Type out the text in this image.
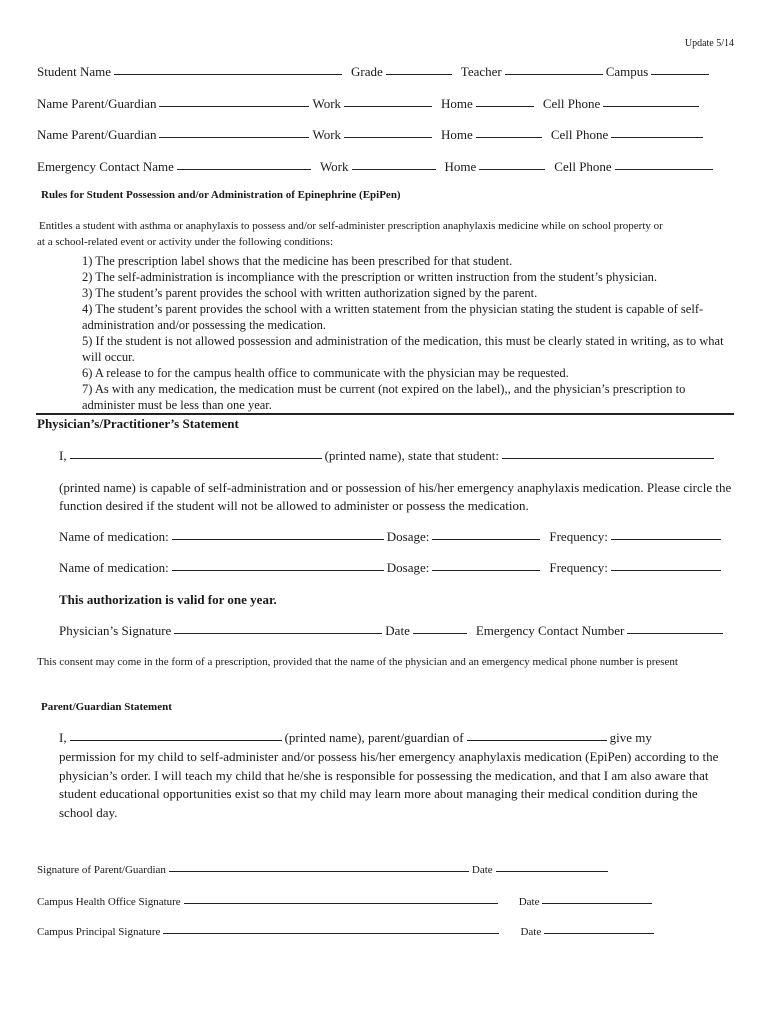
Update 5/14
Student Name	Grade	Teacher	Campus
Name Parent/Guardian	Work	Home	Cell Phone
Name Parent/Guardian	Work	Home	Cell Phone
Emergency Contact Name	Work	Home	Cell Phone
Rules for Student Possession and/or Administration of Epinephrine (EpiPen)
Entitles a student with asthma or anaphylaxis to possess and/or self-administer prescription anaphylaxis medicine while on school property or
at a school-related event or activity under the following conditions:
1) The prescription label shows that the medicine has been prescribed for that student.
2) The self-administration is incompliance with the prescription or written instruction from the student’s physician.
3) The student’s parent provides the school with written authorization signed by the parent.
4) The student’s parent provides the school with a written statement from the physician stating the student is capable of self-administration and/or possessing the medication.
5) If the student is not allowed possession and administration of the medication, this must be clearly stated in writing, as to what will occur.
6) A release to for the campus health office to communicate with the physician may be requested.
7) As with any medication, the medication must be current (not expired on the label),, and the physician’s prescription to administer must be less than one year.
Physician’s/Practitioner’s Statement
I,	(printed name), state that student:
(printed name) is capable of self-administration and or possession of his/her emergency anaphylaxis medication. Please circle the function desired if the student will not be allowed to administer or possess the medication.
Name of medication:	Dosage:	Frequency:
Name of medication:	Dosage:	Frequency:
This authorization is valid for one year.
Physician’s Signature	Date	Emergency Contact Number
This consent may come in the form of a prescription, provided that the name of the physician and an emergency medical phone number is present
Parent/Guardian Statement
I,	(printed name), parent/guardian of	give my
permission for my child to self-administer and/or possess his/her emergency anaphylaxis medication (EpiPen) according to the physician’s order. I will teach my child that he/she is responsible for possessing the medication, and that I am also aware that student educational opportunities exist so that my child may learn more about managing their medical condition during the school day.
Signature of Parent/Guardian	Date
Campus Health Office Signature	Date
Campus Principal Signature	Date
